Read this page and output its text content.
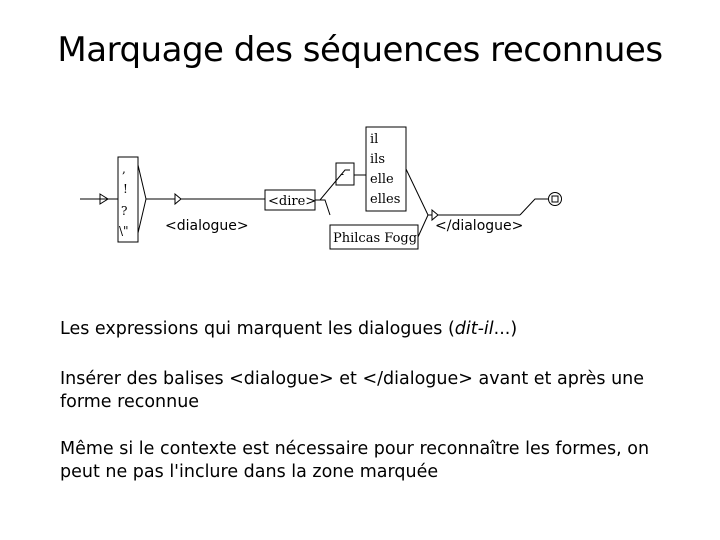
Marquage des séquences reconnues
,
!
?
\"	<dialogue>
<dire>
-
il
ils
elle
elles
Philcas Fogg
</dialogue>
Les expressions qui marquent les dialogues (dit-il...)
Insérer des balises <dialogue> et </dialogue> avant et après une forme reconnue
Même si le contexte est nécessaire pour reconnaître les formes, on peut ne pas l'inclure dans la zone marquée
